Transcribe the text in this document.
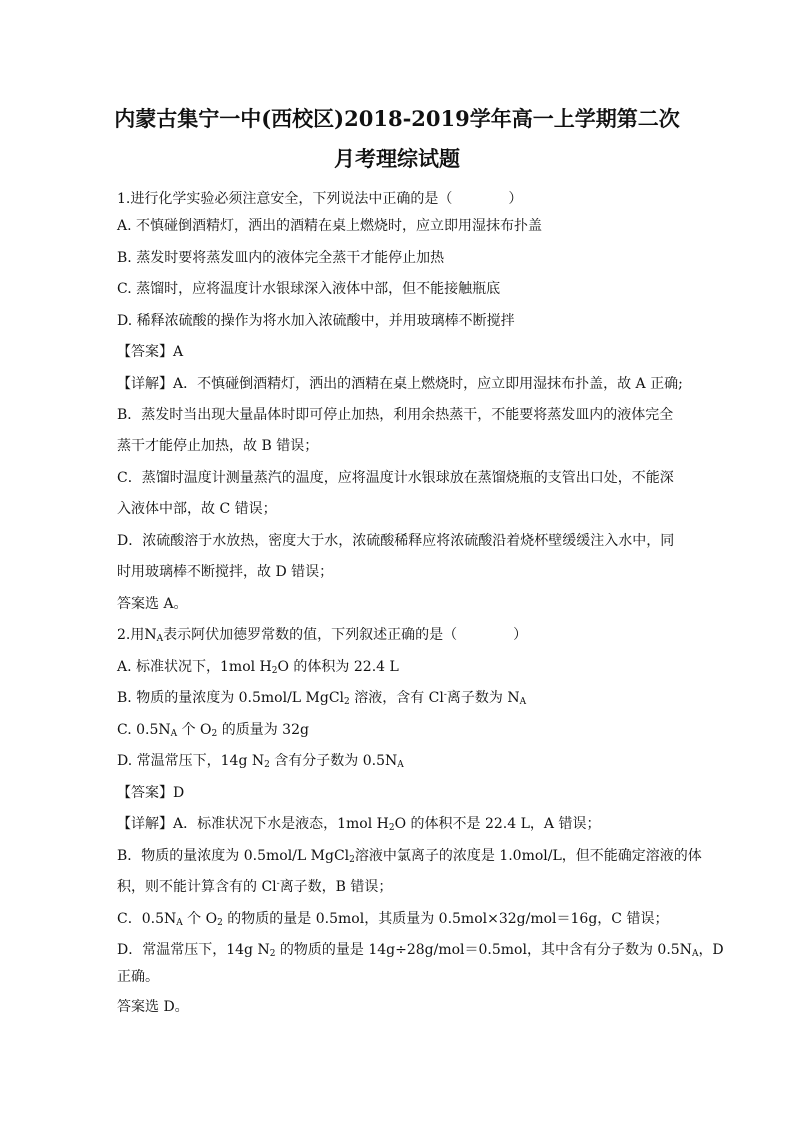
内蒙古集宁一中(西校区)2018-2019学年高一上学期第二次
月考理综试题
1.进行化学实验必须注意安全，下列说法中正确的是（　　　　）
A. 不慎碰倒酒精灯，洒出的酒精在桌上燃烧时，应立即用湿抹布扑盖
B. 蒸发时要将蒸发皿内的液体完全蒸干才能停止加热
C. 蒸馏时，应将温度计水银球深入液体中部，但不能接触瓶底
D. 稀释浓硫酸的操作为将水加入浓硫酸中，并用玻璃棒不断搅拌
【答案】A
【详解】A．不慎碰倒酒精灯，洒出的酒精在桌上燃烧时，应立即用湿抹布扑盖，故 A 正确;
B．蒸发时当出现大量晶体时即可停止加热，利用余热蒸干，不能要将蒸发皿内的液体完全
蒸干才能停止加热，故 B 错误；
C．蒸馏时温度计测量蒸汽的温度，应将温度计水银球放在蒸馏烧瓶的支管出口处，不能深
入液体中部，故 C 错误；
D．浓硫酸溶于水放热，密度大于水，浓硫酸稀释应将浓硫酸沿着烧杯壁缓缓注入水中，同
时用玻璃棒不断搅拌，故 D 错误；
答案选 A。
2.用$N_A$表示阿伏加德罗常数的值，下列叙述正确的是（　　　　）
A. 标准状况下，1mol $H_2O$ 的体积为 22.4 L
B. 物质的量浓度为 0.5mol/L MgCl$_2$ 溶液，含有 Cl-离子数为 $N_A$
C. $0.5N_A$ 个 $O_2$ 的质量为 32g
D. 常温常压下，14g $N_2$ 含有分子数为 $0.5N_A$
【答案】D
【详解】A．标准状况下水是液态，1mol $H_2O$ 的体积不是 22.4 L，A 错误；
B．物质的量浓度为 0.5mol/L MgCl$_2$溶液中氯离子的浓度是 1.0mol/L，但不能确定溶液的体
积，则不能计算含有的 Cl-离子数，B 错误；
C．$0.5N_A$ 个 $O_2$ 的物质的量是 0.5mol，其质量为 0.5mol×32g/mol＝16g，C 错误；
D．常温常压下，14g $N_2$ 的物质的量是 14g÷28g/mol＝0.5mol，其中含有分子数为 $0.5N_A$，D
正确。
答案选 D。
